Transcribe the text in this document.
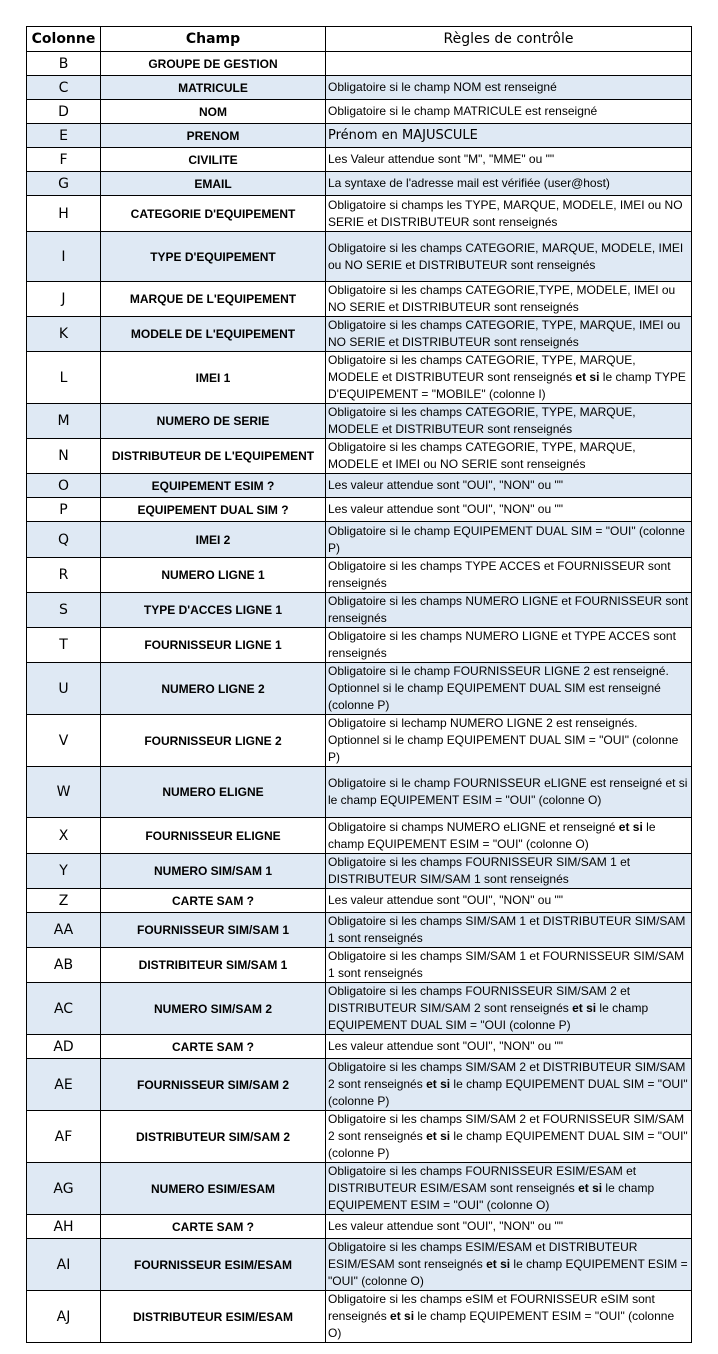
Colonne	Champ	Règles de contrôle
B	GROUPE DE GESTION	
C	MATRICULE	Obligatoire si le champ NOM est renseigné
D	NOM	Obligatoire si le champ MATRICULE est renseigné
E	PRENOM	Prénom en MAJUSCULE
F	CIVILITE	Les Valeur attendue sont "M", "MME" ou ""
G	EMAIL	La syntaxe de l'adresse mail est vérifiée (user@host)
H	CATEGORIE D'EQUIPEMENT	Obligatoire si champs les TYPE, MARQUE, MODELE, IMEI ou NO SERIE et DISTRIBUTEUR sont renseignés
I	TYPE D'EQUIPEMENT	Obligatoire si les champs CATEGORIE, MARQUE, MODELE, IMEI ou NO SERIE et DISTRIBUTEUR sont renseignés
J	MARQUE DE L'EQUIPEMENT	Obligatoire si les champs CATEGORIE,TYPE, MODELE, IMEI ou NO SERIE et DISTRIBUTEUR sont renseignés
K	MODELE DE L'EQUIPEMENT	Obligatoire si les champs CATEGORIE, TYPE, MARQUE, IMEI ou NO SERIE et DISTRIBUTEUR sont renseignés
L	IMEI 1	Obligatoire si les champs CATEGORIE, TYPE, MARQUE, MODELE et DISTRIBUTEUR sont renseignés et si le champ TYPE D'EQUIPEMENT = "MOBILE" (colonne I)
M	NUMERO DE SERIE	Obligatoire si les champs CATEGORIE, TYPE, MARQUE, MODELE et DISTRIBUTEUR sont renseignés
N	DISTRIBUTEUR DE L'EQUIPEMENT	Obligatoire si les champs CATEGORIE, TYPE, MARQUE, MODELE et IMEI ou NO SERIE sont renseignés
O	EQUIPEMENT ESIM ?	Les valeur attendue sont "OUI", "NON" ou ""
P	EQUIPEMENT DUAL SIM ?	Les valeur attendue sont "OUI", "NON" ou ""
Q	IMEI 2	Obligatoire si le champ EQUIPEMENT DUAL SIM = "OUI" (colonne P)
R	NUMERO LIGNE 1	Obligatoire si les champs TYPE ACCES et FOURNISSEUR sont renseignés
S	TYPE D'ACCES LIGNE 1	Obligatoire si les champs NUMERO LIGNE et FOURNISSEUR sont renseignés
T	FOURNISSEUR LIGNE 1	Obligatoire si les champs NUMERO LIGNE et TYPE ACCES sont renseignés
U	NUMERO LIGNE 2	Obligatoire si le champ FOURNISSEUR LIGNE 2 est renseigné. Optionnel si le champ EQUIPEMENT DUAL SIM est renseigné (colonne P)
V	FOURNISSEUR LIGNE 2	Obligatoire si lechamp NUMERO LIGNE 2 est renseignés. Optionnel si le champ EQUIPEMENT DUAL SIM = "OUI" (colonne P)
W	NUMERO ELIGNE	Obligatoire si le champ FOURNISSEUR eLIGNE est renseigné et si le champ EQUIPEMENT ESIM = "OUI" (colonne O)
X	FOURNISSEUR ELIGNE	Obligatoire si champs NUMERO eLIGNE et renseigné et si le champ EQUIPEMENT ESIM = "OUI" (colonne O)
Y	NUMERO SIM/SAM 1	Obligatoire si les champs FOURNISSEUR SIM/SAM 1 et DISTRIBUTEUR SIM/SAM 1 sont renseignés
Z	CARTE SAM ?	Les valeur attendue sont "OUI", "NON" ou ""
AA	FOURNISSEUR SIM/SAM 1	Obligatoire si les champs SIM/SAM 1 et DISTRIBUTEUR SIM/SAM 1 sont renseignés
AB	DISTRIBITEUR SIM/SAM 1	Obligatoire si les champs SIM/SAM 1 et FOURNISSEUR SIM/SAM 1 sont renseignés
AC	NUMERO SIM/SAM 2	Obligatoire si les champs FOURNISSEUR SIM/SAM 2 et DISTRIBUTEUR SIM/SAM 2 sont renseignés et si le champ EQUIPEMENT DUAL SIM = "OUI (colonne P)
AD	CARTE SAM ?	Les valeur attendue sont "OUI", "NON" ou ""
AE	FOURNISSEUR SIM/SAM 2	Obligatoire si les champs SIM/SAM 2 et DISTRIBUTEUR SIM/SAM 2 sont renseignés et si le champ EQUIPEMENT DUAL SIM = "OUI" (colonne P)
AF	DISTRIBUTEUR SIM/SAM 2	Obligatoire si les champs SIM/SAM 2 et FOURNISSEUR SIM/SAM 2 sont renseignés et si le champ EQUIPEMENT DUAL SIM = "OUI" (colonne P)
AG	NUMERO ESIM/ESAM	Obligatoire si les champs FOURNISSEUR ESIM/ESAM et DISTRIBUTEUR ESIM/ESAM sont renseignés et si le champ EQUIPEMENT ESIM = "OUI" (colonne O)
AH	CARTE SAM ?	Les valeur attendue sont "OUI", "NON" ou ""
AI	FOURNISSEUR ESIM/ESAM	Obligatoire si les champs ESIM/ESAM et DISTRIBUTEUR ESIM/ESAM sont renseignés et si le champ EQUIPEMENT ESIM = "OUI" (colonne O)
AJ	DISTRIBUTEUR ESIM/ESAM	Obligatoire si les champs eSIM et FOURNISSEUR eSIM sont renseignés et si le champ EQUIPEMENT ESIM = "OUI" (colonne O)
